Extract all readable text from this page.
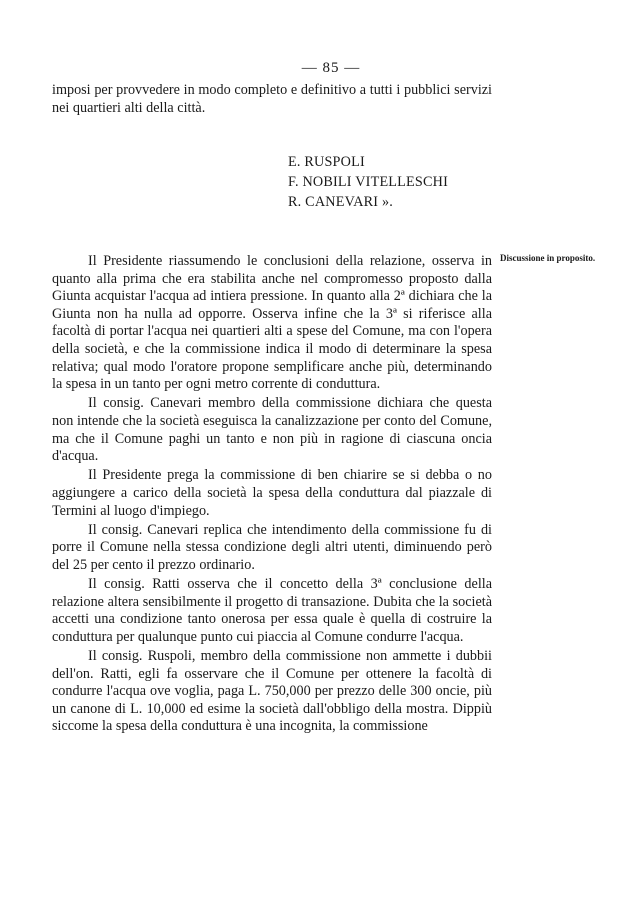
— 85 —
imposi per provvedere in modo completo e definitivo a tutti i pubblici servizi nei quartieri alti della città.
E. RUSPOLI
F. NOBILI VITELLESCHI
R. CANEVARI ».
Discussione in proposito.

Il Presidente riassumendo le conclusioni della relazione, osserva in quanto alla prima che era stabilita anche nel compromesso proposto dalla Giunta acquistar l'acqua ad intiera pressione. In quanto alla 2ª dichiara che la Giunta non ha nulla ad opporre. Osserva infine che la 3ª si riferisce alla facoltà di portar l'acqua nei quartieri alti a spese del Comune, ma con l'opera della società, e che la commissione indica il modo di determinare la spesa relativa; qual modo l'oratore propone semplificare anche più, determinando la spesa in un tanto per ogni metro corrente di conduttura.

Il consig. Canevari membro della commissione dichiara che questa non intende che la società eseguisca la canalizzazione per conto del Comune, ma che il Comune paghi un tanto e non più in ragione di ciascuna oncia d'acqua.

Il Presidente prega la commissione di ben chiarire se si debba o no aggiungere a carico della società la spesa della conduttura dal piazzale di Termini al luogo d'impiego.

Il consig. Canevari replica che intendimento della commissione fu di porre il Comune nella stessa condizione degli altri utenti, diminuendo però del 25 per cento il prezzo ordinario.

Il consig. Ratti osserva che il concetto della 3ª conclusione della relazione altera sensibilmente il progetto di transazione. Dubita che la società accetti una condizione tanto onerosa per essa quale è quella di costruire la conduttura per qualunque punto cui piaccia al Comune condurre l'acqua.

Il consig. Ruspoli, membro della commissione non ammette i dubbii dell'on. Ratti, egli fa osservare che il Comune per ottenere la facoltà di condurre l'acqua ove voglia, paga L. 750,000 per prezzo delle 300 oncie, più un canone di L. 10,000 ed esime la società dall'obbligo della mostra. Dippiù siccome la spesa della conduttura è una incognita, la commissione
